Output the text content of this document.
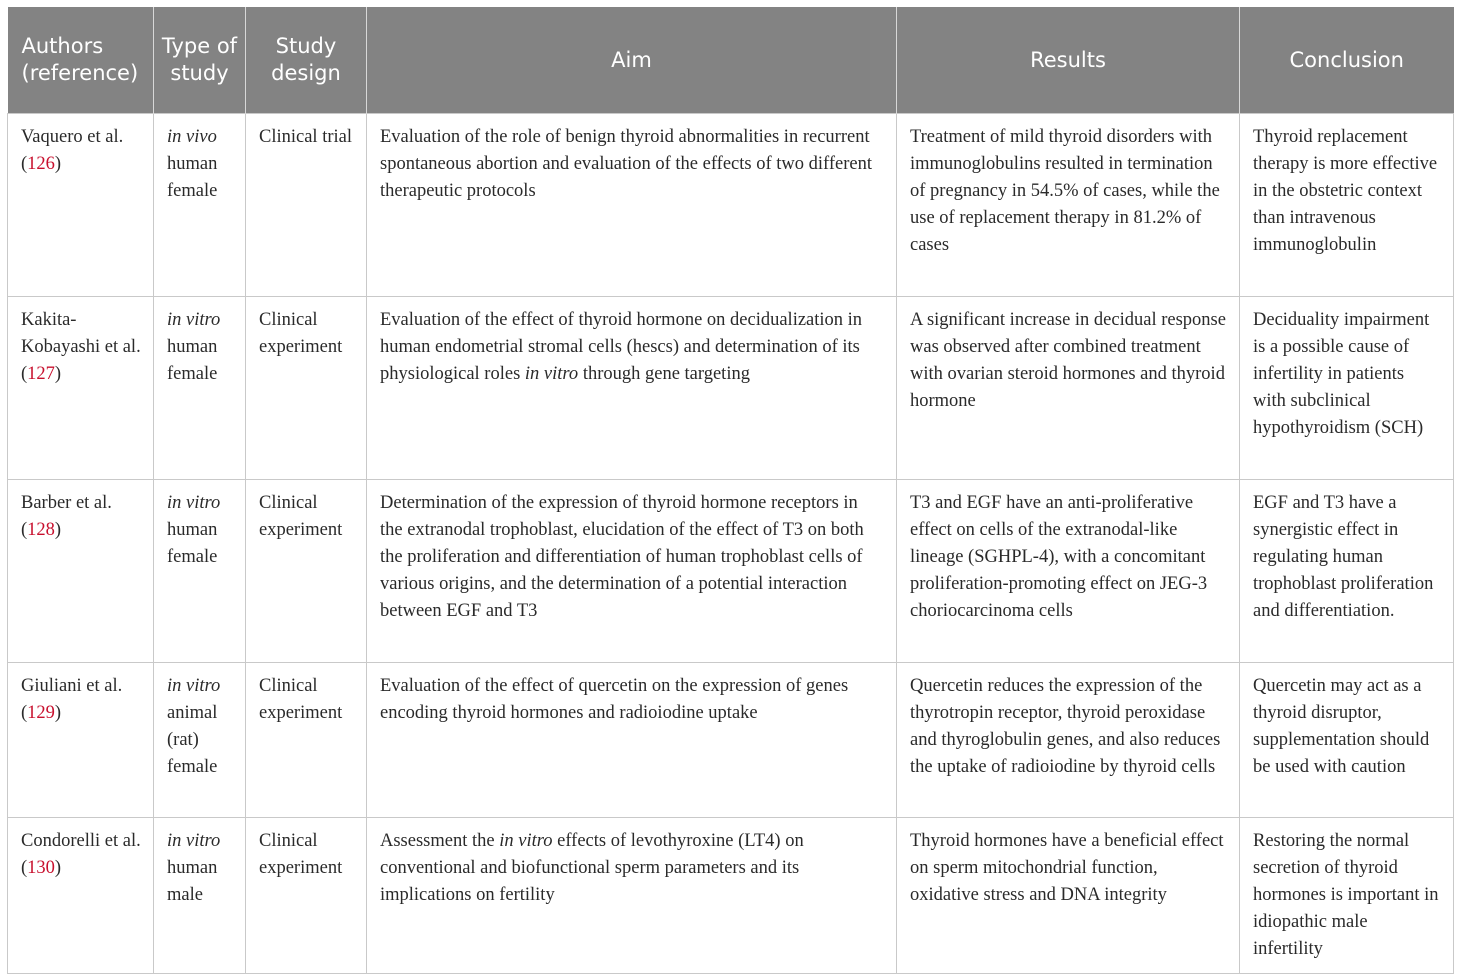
Authors (reference)	Type of study	Study design	Aim	Results	Conclusion
Vaquero et al. (126)	in vivo human female	Clinical trial	Evaluation of the role of benign thyroid abnormalities in recurrent spontaneous abortion and evaluation of the effects of two different therapeutic protocols	Treatment of mild thyroid disorders with immunoglobulins resulted in termination of pregnancy in 54.5% of cases, while the use of replacement therapy in 81.2% of cases	Thyroid replacement therapy is more effective in the obstetric context than intravenous immunoglobulin
Kakita-Kobayashi et al. (127)	in vitro human female	Clinical experiment	Evaluation of the effect of thyroid hormone on decidualization in human endometrial stromal cells (hescs) and determination of its physiological roles in vitro through gene targeting	A significant increase in decidual response was observed after combined treatment with ovarian steroid hormones and thyroid hormone	Deciduality impairment is a possible cause of infertility in patients with subclinical hypothyroidism (SCH)
Barber et al. (128)	in vitro human female	Clinical experiment	Determination of the expression of thyroid hormone receptors in the extranodal trophoblast, elucidation of the effect of T3 on both the proliferation and differentiation of human trophoblast cells of various origins, and the determination of a potential interaction between EGF and T3	T3 and EGF have an anti-proliferative effect on cells of the extranodal-like lineage (SGHPL-4), with a concomitant proliferation-promoting effect on JEG-3 choriocarcinoma cells	EGF and T3 have a synergistic effect in regulating human trophoblast proliferation and differentiation.
Giuliani et al. (129)	in vitro animal (rat) female	Clinical experiment	Evaluation of the effect of quercetin on the expression of genes encoding thyroid hormones and radioiodine uptake	Quercetin reduces the expression of the thyrotropin receptor, thyroid peroxidase and thyroglobulin genes, and also reduces the uptake of radioiodine by thyroid cells	Quercetin may act as a thyroid disruptor, supplementation should be used with caution
Condorelli et al. (130)	in vitro human male	Clinical experiment	Assessment the in vitro effects of levothyroxine (LT4) on conventional and biofunctional sperm parameters and its implications on fertility	Thyroid hormones have a beneficial effect on sperm mitochondrial function, oxidative stress and DNA integrity	Restoring the normal secretion of thyroid hormones is important in idiopathic male infertility
